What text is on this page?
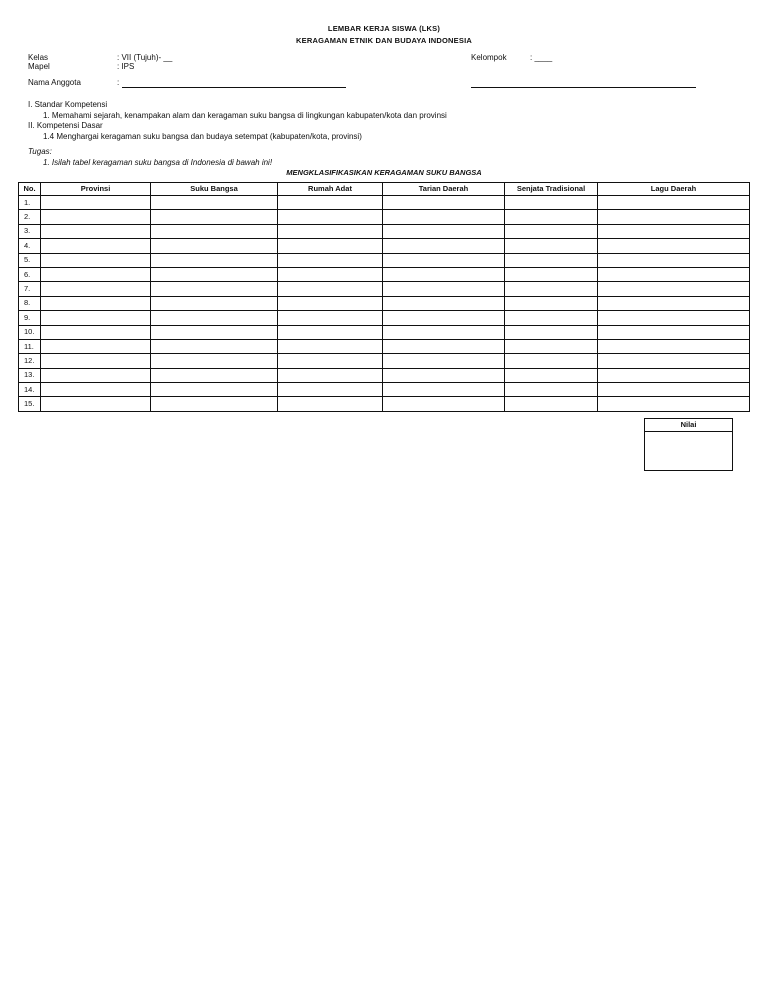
LEMBAR KERJA SISWA (LKS)
KERAGAMAN ETNIK DAN BUDAYA INDONESIA
Kelas	: VII (Tujuh)- __
Mapel	: IPS
Kelompok	: ____
Nama Anggota	:
I. Standar Kompetensi
1. Memahami sejarah, kenampakan alam dan keragaman suku bangsa di lingkungan kabupaten/kota dan provinsi
II. Kompetensi Dasar
1.4 Menghargai keragaman suku bangsa dan budaya setempat (kabupaten/kota, provinsi)
Tugas:
1. Isilah tabel keragaman suku bangsa di Indonesia di bawah ini!
MENGKLASIFIKASIKAN KERAGAMAN SUKU BANGSA
No.	Provinsi	Suku Bangsa	Rumah Adat	Tarian Daerah	Senjata Tradisional	Lagu Daerah
1.						
2.						
3.						
4.						
5.						
6.						
7.						
8.						
9.						
10.						
11.						
12.						
13.						
14.						
15.						
Nilai
